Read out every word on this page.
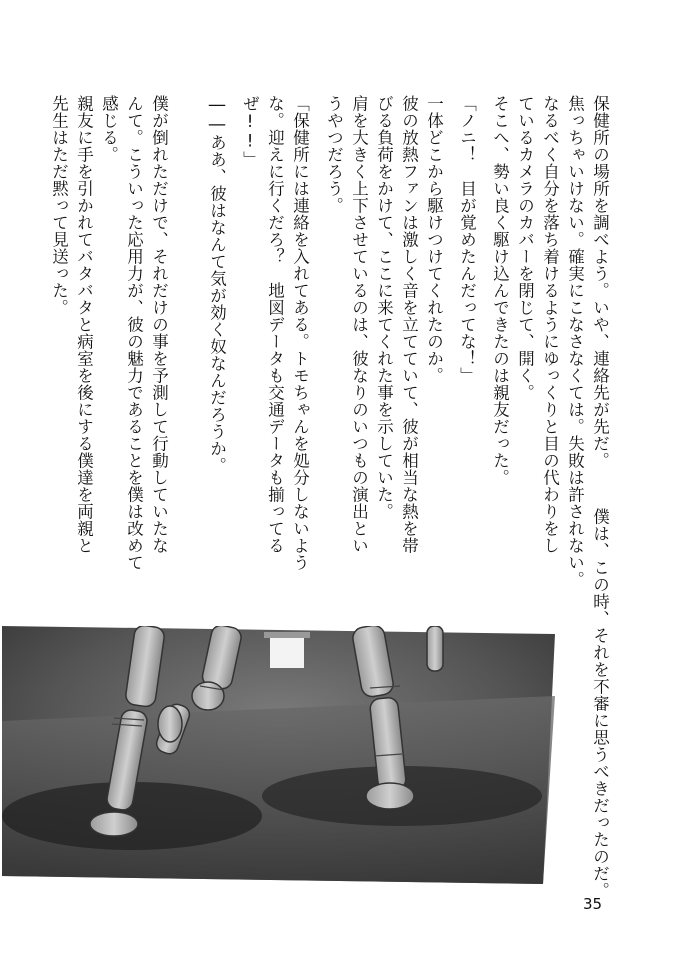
保健所の場所を調べよう。いや、連絡先が先だ。
焦っちゃいけない。確実にこなさなくては。失敗は許されない。
なるべく自分を落ち着けるようにゆっくりと目の代わりをし
ているカメラのカバーを閉じて、開く。
そこへ、勢い良く駆け込んできたのは親友だった。
「ノニ！　目が覚めたんだってな！」
一体どこから駆けつけてくれたのか。
彼の放熱ファンは激しく音を立てていて、彼が相当な熱を帯
びる負荷をかけて、ここに来てくれた事を示していた。
肩を大きく上下させているのは、彼なりのいつもの演出とい
うやつだろう。
「保健所には連絡を入れてある。トモちゃんを処分しないよう
な。迎えに行くだろ？　地図データも交通データも揃ってる
ぜ!!」
――ああ、彼はなんて気が効く奴なんだろうか。
僕が倒れただけで、それだけの事を予測して行動していたな
んて。こういった応用力が、彼の魅力であることを僕は改めて
感じる。
親友に手を引かれてバタバタと病室を後にする僕達を両親と
先生はただ黙って見送った。
僕は、この時、それを不審に思うべきだったのだ。
35
